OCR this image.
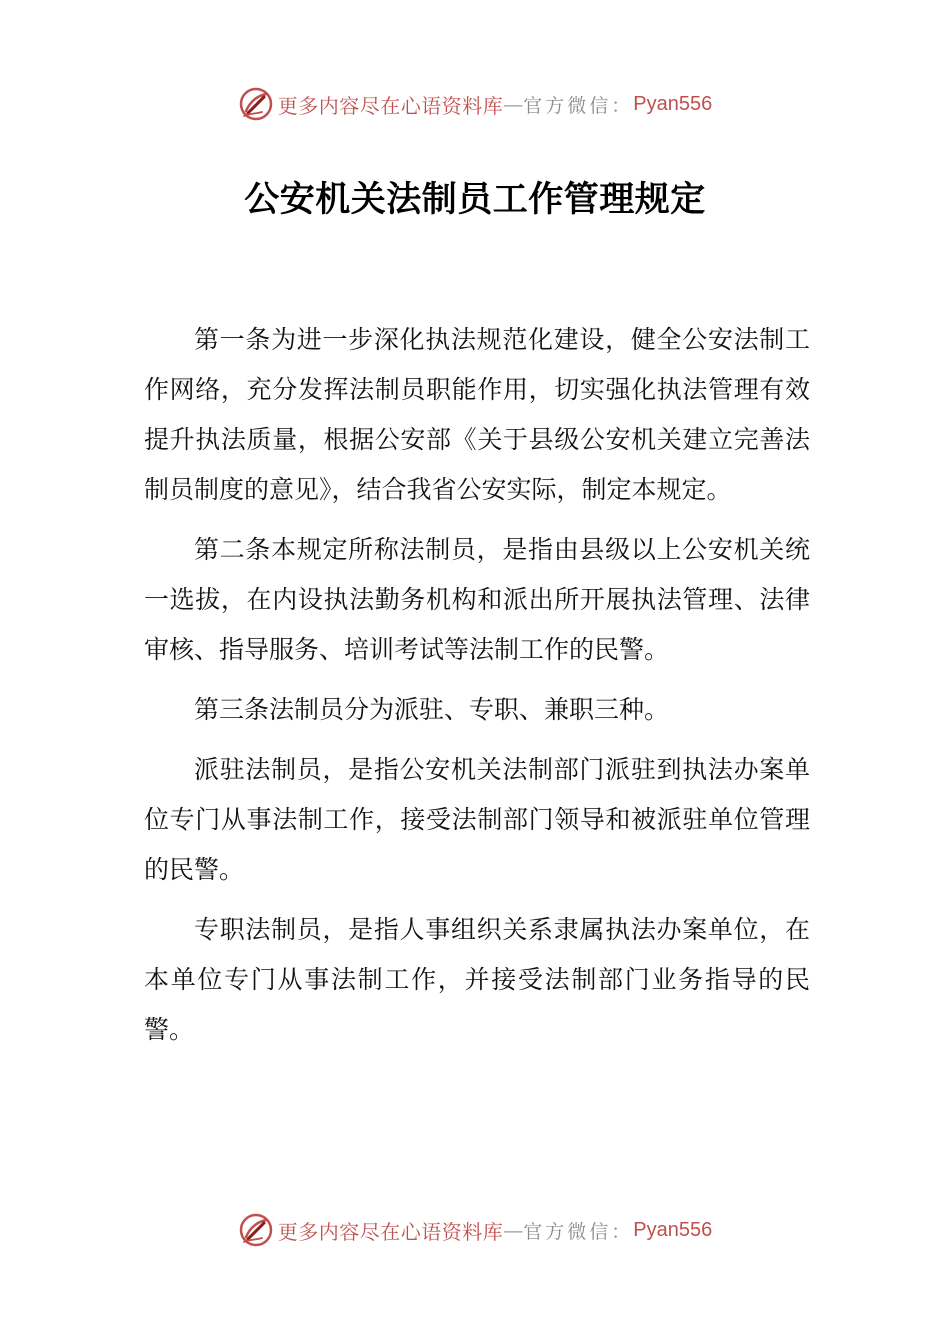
更多内容尽在心语资料库 — 官方微信： Pyan556
公安机关法制员工作管理规定

第一条为进一步深化执法规范化建设，健全公安法制工作网络，充分发挥法制员职能作用，切实强化执法管理有效提升执法质量，根据公安部《关于县级公安机关建立完善法制员制度的意见》，结合我省公安实际，制定本规定。

第二条本规定所称法制员，是指由县级以上公安机关统一选拔，在内设执法勤务机构和派出所开展执法管理、法律审核、指导服务、培训考试等法制工作的民警。

第三条法制员分为派驻、专职、兼职三种。

派驻法制员，是指公安机关法制部门派驻到执法办案单位专门从事法制工作，接受法制部门领导和被派驻单位管理的民警。

专职法制员，是指人事组织关系隶属执法办案单位，在本单位专门从事法制工作，并接受法制部门业务指导的民警。

更多内容尽在心语资料库 — 官方微信： Pyan556
